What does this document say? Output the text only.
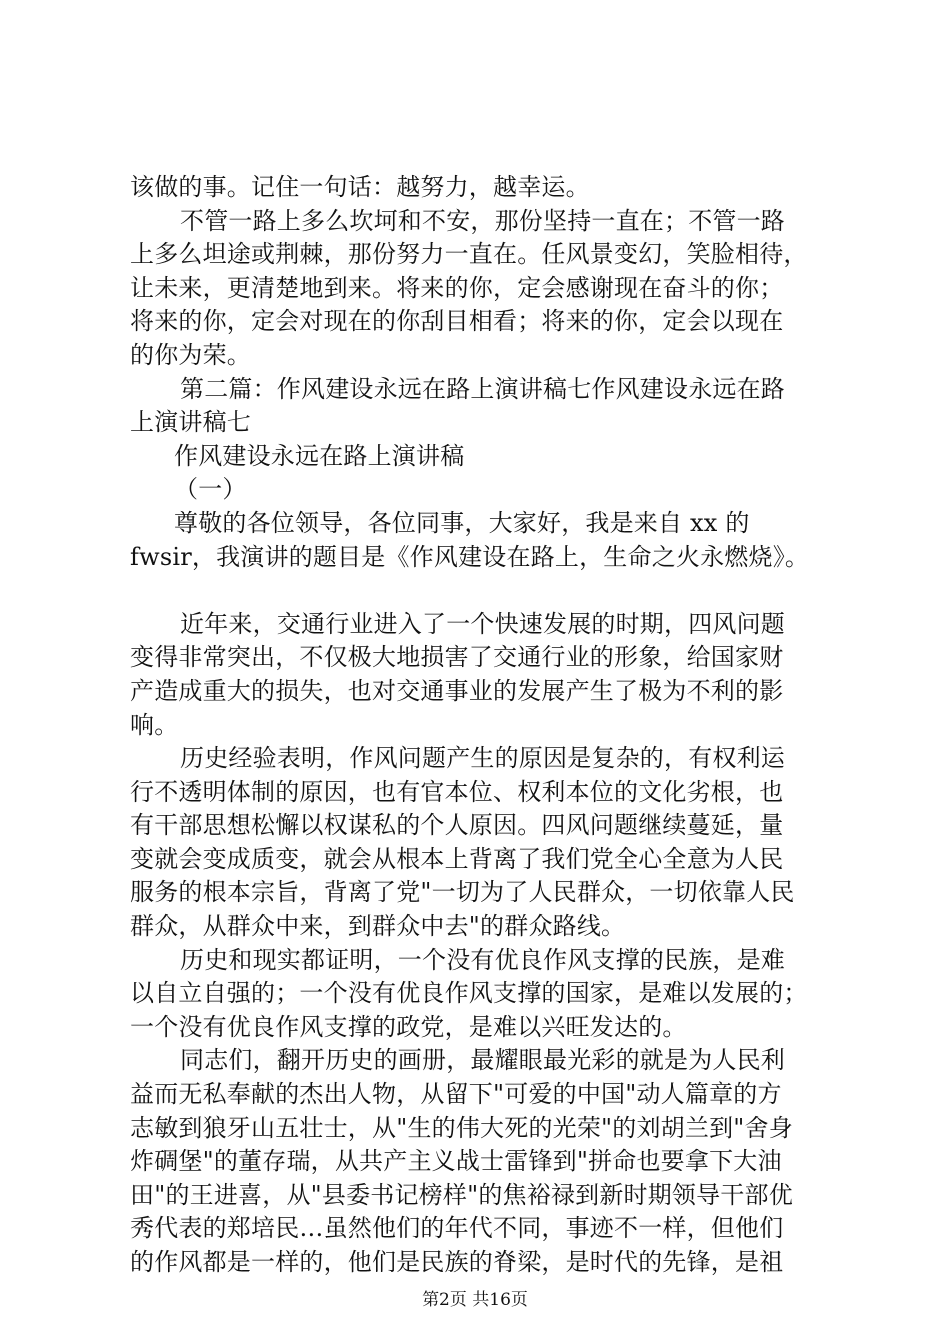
该做的事。记住一句话：越努力，越幸运。
不管一路上多么坎坷和不安，那份坚持一直在；不管一路
上多么坦途或荆棘，那份努力一直在。任风景变幻，笑脸相待，
让未来，更清楚地到来。将来的你，定会感谢现在奋斗的你；
将来的你，定会对现在的你刮目相看；将来的你，定会以现在
的你为荣。
第二篇：作风建设永远在路上演讲稿七作风建设永远在路
上演讲稿七
作风建设永远在路上演讲稿
（一）
尊敬的各位领导，各位同事，大家好，我是来自 xx 的
fwsir，我演讲的题目是《作风建设在路上，生命之火永燃烧》。
近年来，交通行业进入了一个快速发展的时期，四风问题
变得非常突出，不仅极大地损害了交通行业的形象，给国家财
产造成重大的损失，也对交通事业的发展产生了极为不利的影
响。
历史经验表明，作风问题产生的原因是复杂的，有权利运
行不透明体制的原因，也有官本位、权利本位的文化劣根，也
有干部思想松懈以权谋私的个人原因。四风问题继续蔓延，量
变就会变成质变，就会从根本上背离了我们党全心全意为人民
服务的根本宗旨，背离了党"一切为了人民群众，一切依靠人民
群众，从群众中来，到群众中去"的群众路线。
历史和现实都证明，一个没有优良作风支撑的民族，是难
以自立自强的；一个没有优良作风支撑的国家，是难以发展的；
一个没有优良作风支撑的政党，是难以兴旺发达的。
同志们，翻开历史的画册，最耀眼最光彩的就是为人民利
益而无私奉献的杰出人物，从留下"可爱的中国"动人篇章的方
志敏到狼牙山五壮士，从"生的伟大死的光荣"的刘胡兰到"舍身
炸碉堡"的董存瑞，从共产主义战士雷锋到"拼命也要拿下大油
田"的王进喜，从"县委书记榜样"的焦裕禄到新时期领导干部优
秀代表的郑培民…虽然他们的年代不同，事迹不一样，但他们
的作风都是一样的，他们是民族的脊梁，是时代的先锋，是祖
第2页 共16页
